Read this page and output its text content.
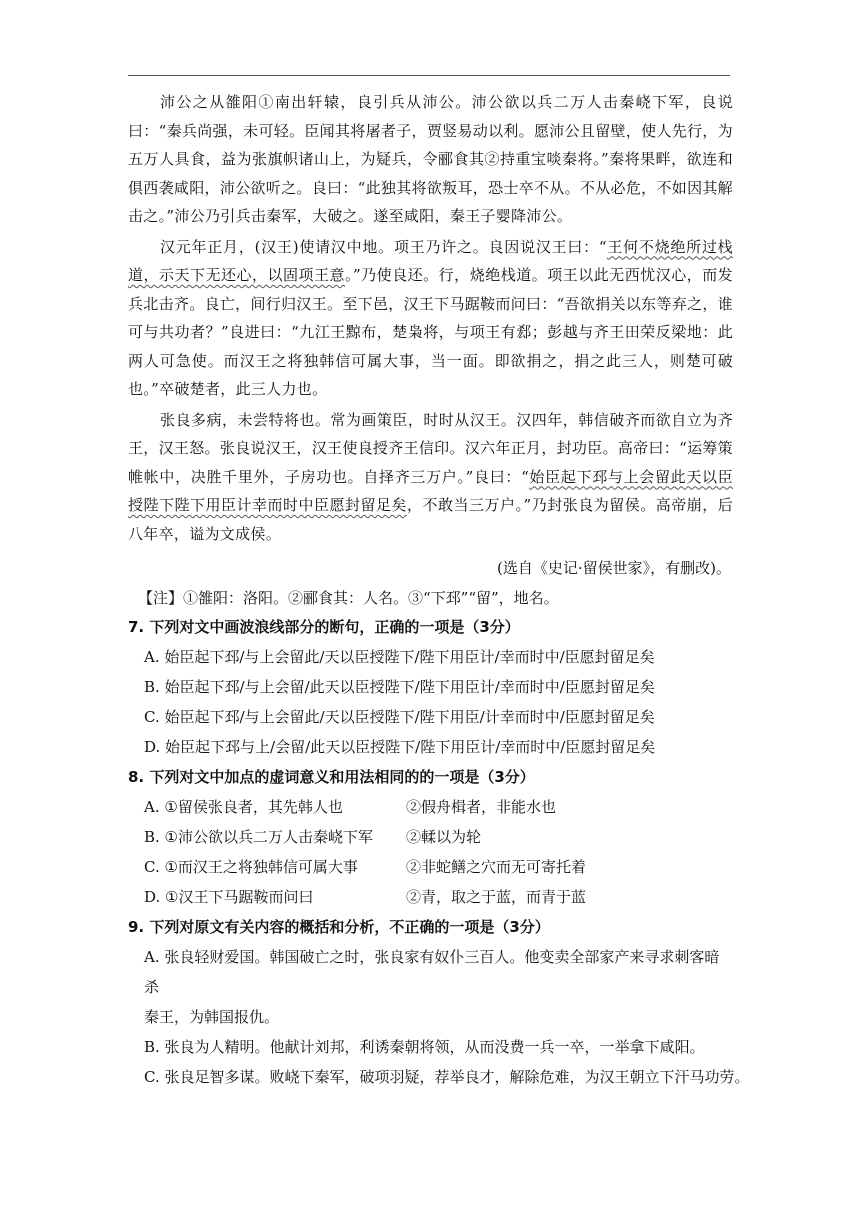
沛公之从雒阳①南出轩辕，良引兵从沛公。沛公欲以兵二万人击秦峣下军，良说曰：“秦兵尚强，未可轻。臣闻其将屠者子，贾竖易动以利。愿沛公且留壁，使人先行，为五万人具食，益为张旗帜诸山上，为疑兵，令郦食其②持重宝啖秦将。”秦将果畔，欲连和俱西袭咸阳，沛公欲听之。良曰：“此独其将欲叛耳，恐士卒不从。不从必危，不如因其解击之。”沛公乃引兵击秦军，大破之。遂至咸阳，秦王子婴降沛公。

汉元年正月，(汉王)使请汉中地。项王乃许之。良因说汉王曰：“王何不烧绝所过栈道，示天下无还心，以固项王意。”乃使良还。行，烧绝栈道。项王以此无西忧汉心，而发兵北击齐。良亡，间行归汉王。至下邑，汉王下马踞鞍而问曰：“吾欲捐关以东等弃之，谁可与共功者？”良进曰：“九江王黥布，楚枭将，与项王有郄；彭越与齐王田荣反梁地：此两人可急使。而汉王之将独韩信可属大事，当一面。即欲捐之，捐之此三人，则楚可破也。”卒破楚者，此三人力也。

张良多病，未尝特将也。常为画策臣，时时从汉王。汉四年，韩信破齐而欲自立为齐王，汉王怒。张良说汉王，汉王使良授齐王信印。汉六年正月，封功臣。高帝曰：“运筹策帷帐中，决胜千里外，子房功也。自择齐三万户。”良曰：“始臣起下邳与上会留此天以臣授陛下陛下用臣计幸而时中臣愿封留足矣，不敢当三万户。”乃封张良为留侯。高帝崩，后八年卒，谥为文成侯。

(选自《史记·留侯世家》，有删改)。

【注】①雒阳：洛阳。②郦食其：人名。③“下邳”“留”，地名。

7. 下列对文中画波浪线部分的断句，正确的一项是（3分）

A. 始臣起下邳/与上会留此/天以臣授陛下/陛下用臣计/幸而时中/臣愿封留足矣

B. 始臣起下邳/与上会留/此天以臣授陛下/陛下用臣计/幸而时中/臣愿封留足矣

C. 始臣起下邳/与上会留此/天以臣授陛下/陛下用臣/计幸而时中/臣愿封留足矣

D. 始臣起下邳与上/会留/此天以臣授陛下/陛下用臣计/幸而时中/臣愿封留足矣

8. 下列对文中加点的虚词意义和用法相同的的一项是（3分）

A. ①留侯张良者，其先韩人也	②假舟楫者，非能水也
B. ①沛公欲以兵二万人击秦峣下军	②輮以为轮
C. ①而汉王之将独韩信可属大事	②非蛇鳝之穴而无可寄托着
D. ①汉王下马踞鞍而问曰	②青，取之于蓝，而青于蓝

9. 下列对原文有关内容的概括和分析，不正确的一项是（3分）

A. 张良轻财爱国。韩国破亡之时，张良家有奴仆三百人。他变卖全部家产来寻求刺客暗杀
秦王，为韩国报仇。

B. 张良为人精明。他献计刘邦，利诱秦朝将领，从而没费一兵一卒，一举拿下咸阳。

C. 张良足智多谋。败峣下秦军，破项羽疑，荐举良才，解除危难，为汉王朝立下汗马功劳。
